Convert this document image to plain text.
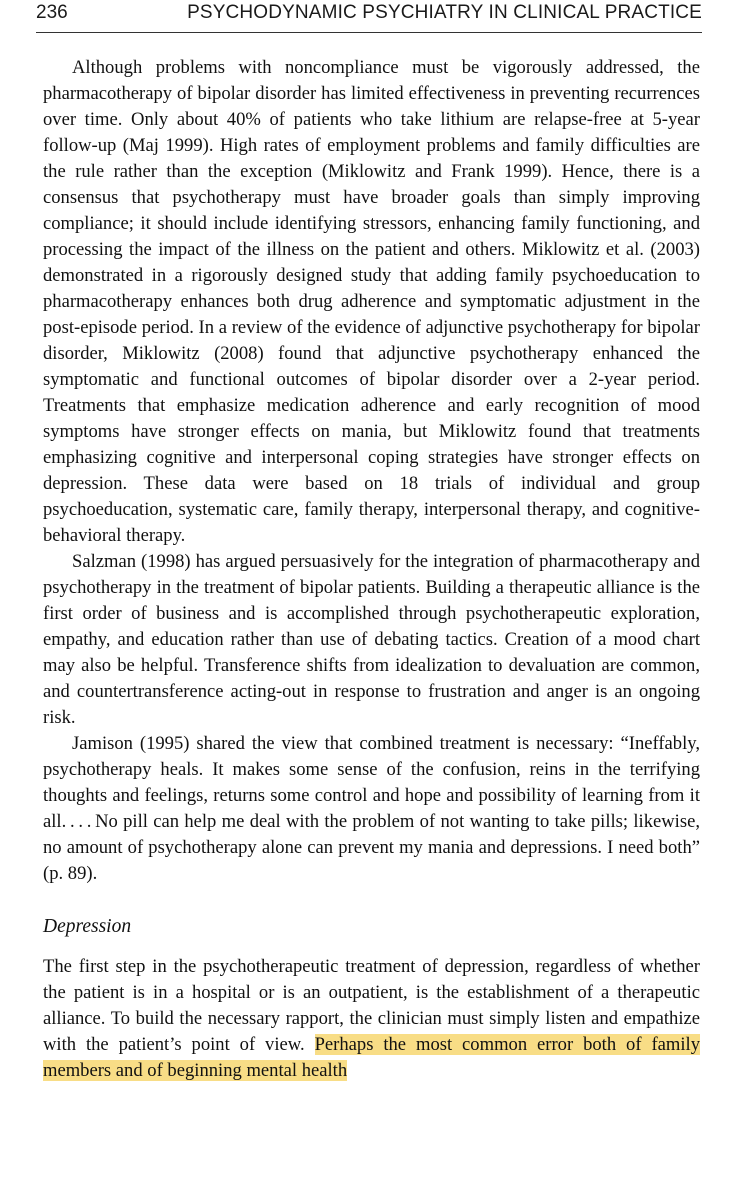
236	PSYCHODYNAMIC PSYCHIATRY IN CLINICAL PRACTICE

Although problems with noncompliance must be vigorously addressed, the pharmacotherapy of bipolar disorder has limited effectiveness in preventing recurrences over time. Only about 40% of patients who take lithium are relapse-free at 5-year follow-up (Maj 1999). High rates of employment problems and family difficulties are the rule rather than the exception (Miklowitz and Frank 1999). Hence, there is a consensus that psychotherapy must have broader goals than simply improving compliance; it should include identifying stressors, enhancing family functioning, and processing the impact of the illness on the patient and others. Miklowitz et al. (2003) demonstrated in a rigorously designed study that adding family psychoeducation to pharmacotherapy enhances both drug adherence and symptomatic adjustment in the post-episode period. In a review of the evidence of adjunctive psychotherapy for bipolar disorder, Miklowitz (2008) found that adjunctive psychotherapy enhanced the symptomatic and functional outcomes of bipolar disorder over a 2-year period. Treatments that emphasize medication adherence and early recognition of mood symptoms have stronger effects on mania, but Miklowitz found that treatments emphasizing cognitive and interpersonal coping strategies have stronger effects on depression. These data were based on 18 trials of individual and group psychoeducation, systematic care, family therapy, interpersonal therapy, and cognitive-behavioral therapy.

Salzman (1998) has argued persuasively for the integration of pharmacotherapy and psychotherapy in the treatment of bipolar patients. Building a therapeutic alliance is the first order of business and is accomplished through psychotherapeutic exploration, empathy, and education rather than use of debating tactics. Creation of a mood chart may also be helpful. Transference shifts from idealization to devaluation are common, and countertransference acting-out in response to frustration and anger is an ongoing risk.

Jamison (1995) shared the view that combined treatment is necessary: “Ineffably, psychotherapy heals. It makes some sense of the confusion, reins in the terrifying thoughts and feelings, returns some control and hope and possibility of learning from it all. . . . No pill can help me deal with the problem of not wanting to take pills; likewise, no amount of psychotherapy alone can prevent my mania and depressions. I need both” (p. 89).

Depression

The first step in the psychotherapeutic treatment of depression, regardless of whether the patient is in a hospital or is an outpatient, is the establishment of a therapeutic alliance. To build the necessary rapport, the clinician must simply listen and empathize with the patient’s point of view. Perhaps the most common error both of family members and of beginning mental health
